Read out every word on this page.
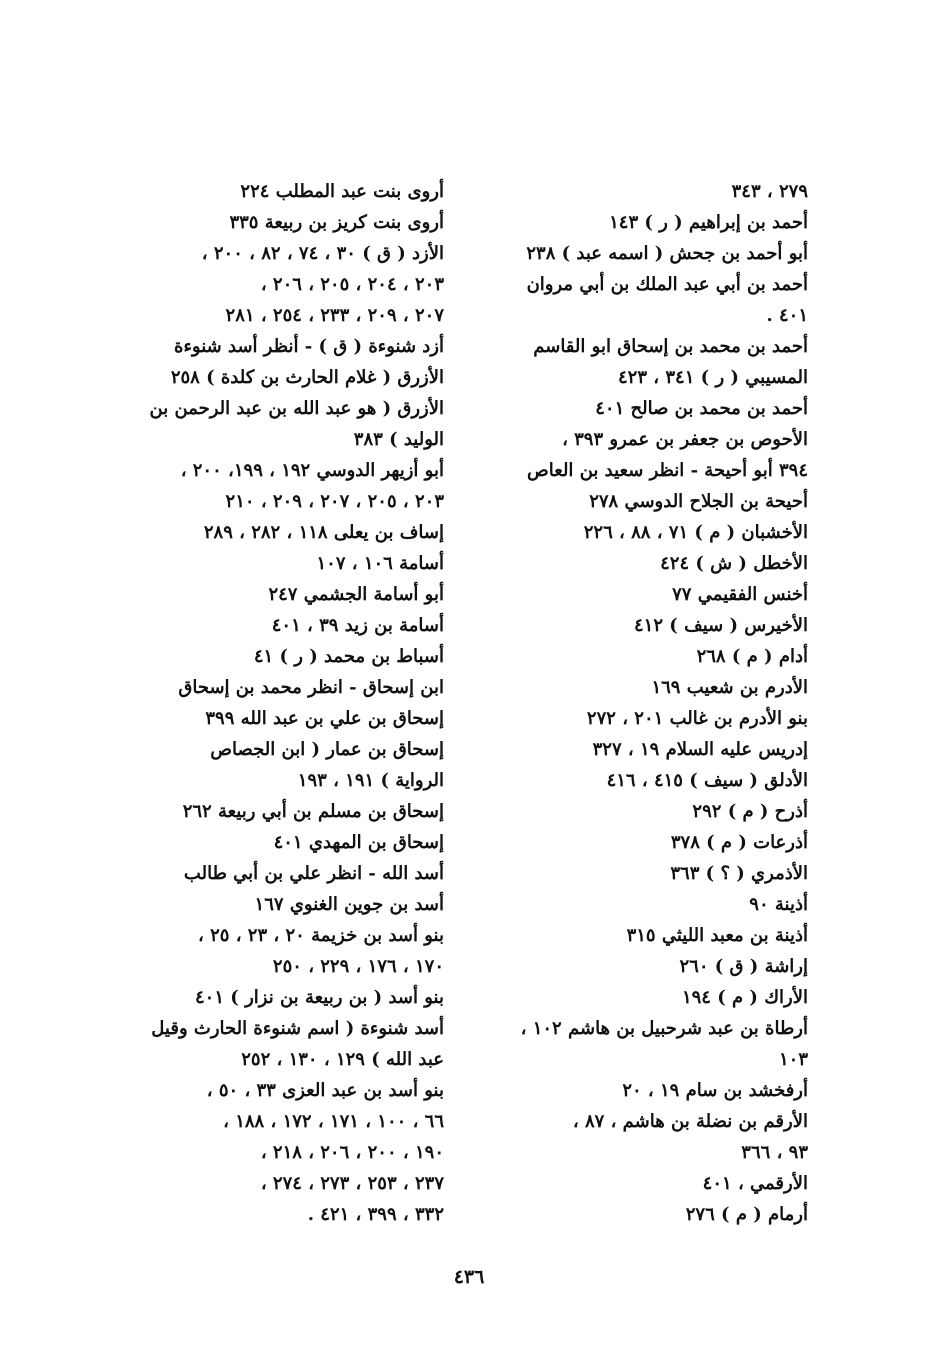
٢٧٩ ، ٣٤٣
أحمد بن إبراهيم ( ر ) ١٤٣
أبو أحمد بن جحش ( اسمه عبد ) ٢٣٨
أحمد بن أبي عبد الملك بن أبي مروان
٤٠١ .
أحمد بن محمد بن إسحاق ابو القاسم
المسيبي ( ر ) ٣٤١ ، ٤٢٣
أحمد بن محمد بن صالح ٤٠١
الأحوص بن جعفر بن عمرو ٣٩٣ ،
٣٩٤ أبو أحيحة - انظر سعيد بن العاص
أحيحة بن الجلاح الدوسي ٢٧٨
الأخشبان ( م ) ٧١ ، ٨٨ ، ٢٢٦
الأخطل ( ش ) ٤٢٤
أخنس الفقيمي ٧٧
الأخيرس ( سيف ) ٤١٢
أدام ( م ) ٢٦٨
الأدرم بن شعيب ١٦٩
بنو الأدرم بن غالب ٢٠١ ، ٢٧٢
إدريس عليه السلام ١٩ ، ٣٢٧
الأدلق ( سيف ) ٤١٥ ، ٤١٦
أذرح ( م ) ٢٩٢
أذرعات ( م ) ٣٧٨
الأذمري ( ؟ ) ٣٦٣
أذينة ٩٠
أذينة بن معبد الليثي ٣١٥
إراشة ( ق ) ٢٦٠
الأراك ( م ) ١٩٤
أرطاة بن عبد شرحبيل بن هاشم ١٠٢ ،
١٠٣
أرفخشد بن سام ١٩ ، ٢٠
الأرقم بن نضلة بن هاشم ، ٨٧ ،
٩٣ ، ٣٦٦
الأرقمي ، ٤٠١
أرمام ( م ) ٢٧٦
أروى بنت عبد المطلب ٢٢٤
أروى بنت كريز بن ربيعة ٣٣٥
الأزد ( ق ) ٣٠ ، ٧٤ ، ٨٢ ، ٢٠٠ ،
٢٠٣ ، ٢٠٤ ، ٢٠٥ ، ٢٠٦ ،
٢٠٧ ، ٢٠٩ ، ٢٣٣ ، ٢٥٤ ، ٢٨١
أزد شنوءة ( ق ) - أنظر أسد شنوءة
الأزرق ( غلام الحارث بن كلدة ) ٢٥٨
الأزرق ( هو عبد الله بن عبد الرحمن بن
الوليد ) ٣٨٣
أبو أزيهر الدوسي ١٩٢ ، ١٩٩، ٢٠٠ ،
٢٠٣ ، ٢٠٥ ، ٢٠٧ ، ٢٠٩ ، ٢١٠
إساف بن يعلى ١١٨ ، ٢٨٢ ، ٢٨٩
أسامة ١٠٦ ، ١٠٧
أبو أسامة الجشمي ٢٤٧
أسامة بن زيد ٣٩ ، ٤٠١
أسباط بن محمد ( ر ) ٤١
ابن إسحاق - انظر محمد بن إسحاق
إسحاق بن علي بن عبد الله ٣٩٩
إسحاق بن عمار ( ابن الجصاص
الرواية ) ١٩١ ، ١٩٣
إسحاق بن مسلم بن أبي ربيعة ٢٦٢
إسحاق بن المهدي ٤٠١
أسد الله - انظر علي بن أبي طالب
أسد بن جوين الغنوي ١٦٧
بنو أسد بن خزيمة ٢٠ ، ٢٣ ، ٢٥ ،
١٧٠ ، ١٧٦ ، ٢٢٩ ، ٢٥٠
بنو أسد ( بن ربيعة بن نزار ) ٤٠١
أسد شنوءة ( اسم شنوءة الحارث وقيل
عبد الله ) ١٢٩ ، ١٣٠ ، ٢٥٢
بنو أسد بن عبد العزى ٣٣ ، ٥٠ ،
٦٦ ، ١٠٠ ، ١٧١ ، ١٧٢ ، ١٨٨ ،
١٩٠ ، ٢٠٠ ، ٢٠٦ ، ٢١٨ ،
٢٣٧ ، ٢٥٣ ، ٢٧٣ ، ٢٧٤ ،
٣٣٢ ، ٣٩٩ ، ٤٢١ .
٤٣٦
